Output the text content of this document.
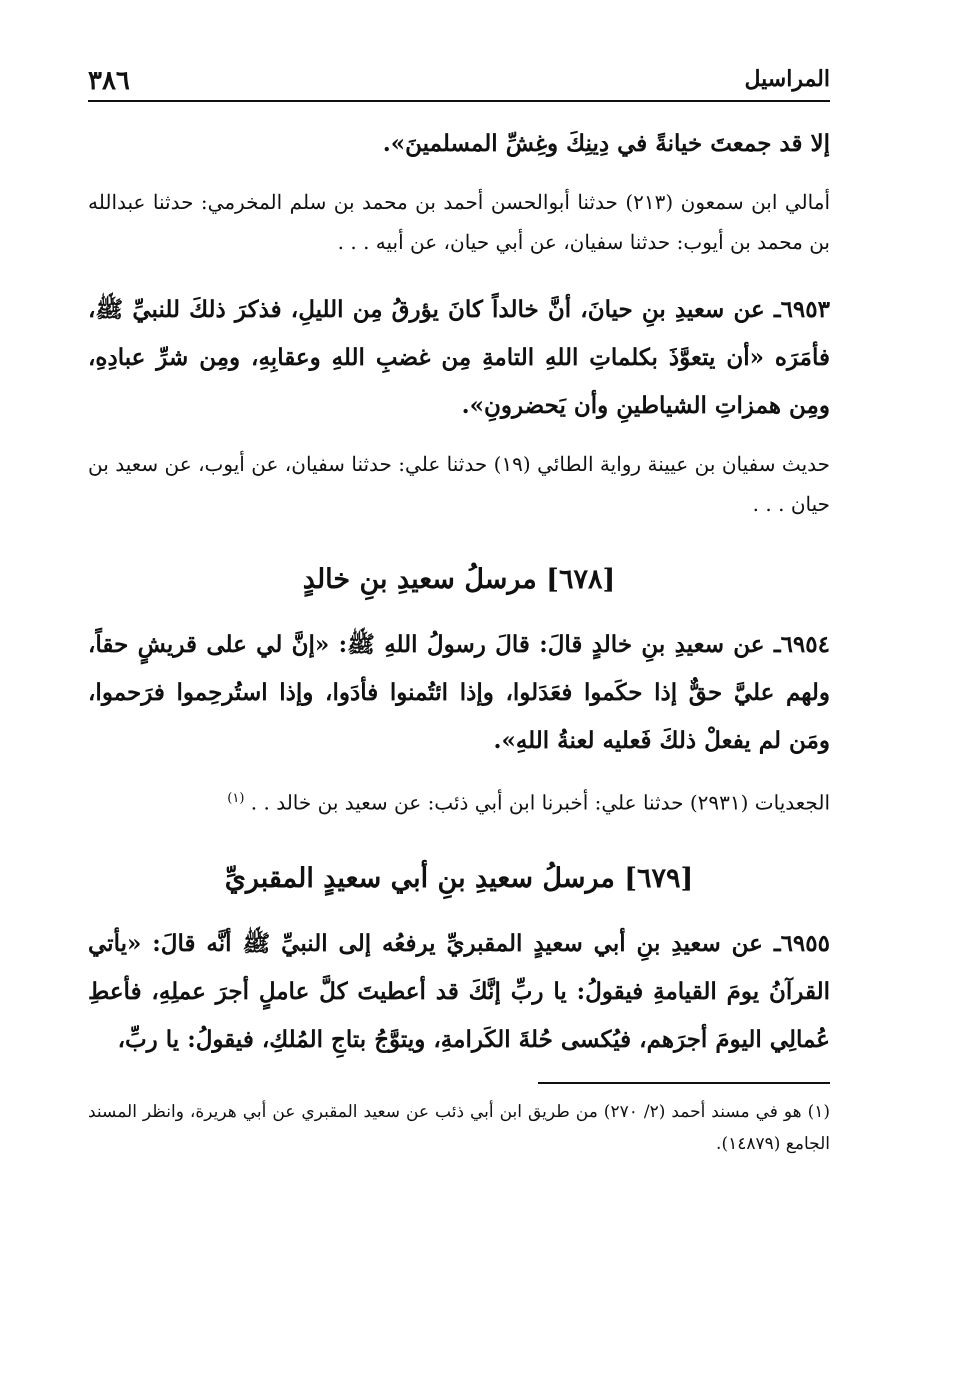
٣٨٦	المراسيل

إلا قد جمعتَ خيانةً في دِينِكَ وغِشِّ المسلمينَ».

أمالي ابن سمعون (٢١٣) حدثنا أبوالحسن أحمد بن محمد بن سلم المخرمي: حدثنا عبدالله بن محمد بن أيوب: حدثنا سفيان، عن أبي حيان، عن أبيه . . .

٦٩٥٣ـ عن سعيدِ بنِ حيانَ، أنَّ خالداً كانَ يؤرقُ مِن الليلِ، فذكرَ ذلكَ للنبيِّ ﷺ، فأمَرَه «أن يتعوَّذَ بكلماتِ اللهِ التامةِ مِن غضبِ اللهِ وعقابِهِ، ومِن شرِّ عبادِهِ، ومِن همزاتِ الشياطينِ وأن يَحضرونِ».

حديث سفيان بن عيينة رواية الطائي (١٩) حدثنا علي: حدثنا سفيان، عن أيوب، عن سعيد بن حيان . . .

[٦٧٨] مرسلُ سعيدِ بنِ خالدٍ

٦٩٥٤ـ عن سعيدِ بنِ خالدٍ قالَ: قالَ رسولُ اللهِ ﷺ: «إنَّ لي على قريشٍ حقاً، ولهم عليَّ حقٌّ إذا حكَموا فعَدَلوا، وإذا ائتُمنوا فأدَوا، وإذا استُرحِموا فرَحموا، ومَن لم يفعلْ ذلكَ فَعليه لعنةُ اللهِ».

الجعديات (٢٩٣١) حدثنا علي: أخبرنا ابن أبي ذئب: عن سعيد بن خالد . . $^{(١)}$

[٦٧٩] مرسلُ سعيدِ بنِ أبي سعيدٍ المقبريِّ

٦٩٥٥ـ عن سعيدِ بنِ أبي سعيدٍ المقبريِّ يرفعُه إلى النبيِّ ﷺ أنَّه قالَ: «يأتي القرآنُ يومَ القيامةِ فيقولُ: يا ربِّ إنَّكَ قد أعطيتَ كلَّ عاملٍ أجرَ عملِهِ، فأعطِ عُمالِي اليومَ أجرَهم، فيُكسى حُلةَ الكَرامةِ، ويتوَّجُ بتاجِ المُلكِ، فيقولُ: يا ربِّ،

(١) هو في مسند أحمد (٢/ ٢٧٠) من طريق ابن أبي ذئب عن سعيد المقبري عن أبي هريرة، وانظر المسند الجامع (١٤٨٧٩).
